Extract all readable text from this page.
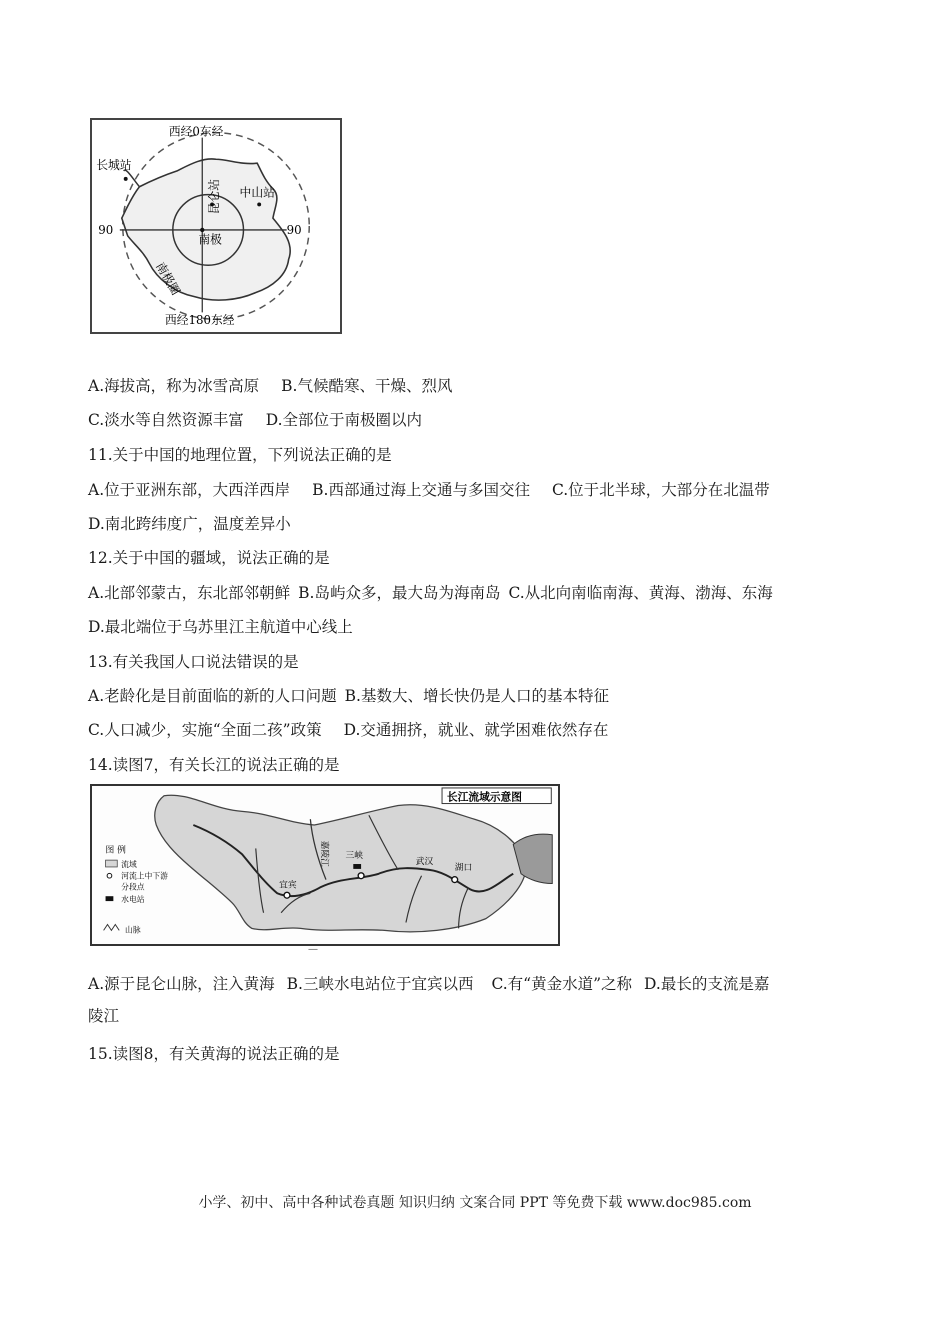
西经0东经
西经180东经
90	90
长城站
中山站
昆仑站
南极
南极圈
A.海拔高，称为冰雪高原 B.气候酷寒、干燥、烈风
C.淡水等自然资源丰富 D.全部位于南极圈以内
11.关于中国的地理位置，下列说法正确的是
A.位于亚洲东部，大西洋西岸 B.西部通过海上交通与多国交往 C.位于北半球，大部分在北温带
D.南北跨纬度广，温度差异小
12.关于中国的疆域，说法正确的是
A.北部邻蒙古，东北部邻朝鲜 B.岛屿众多，最大岛为海南岛 C.从北向南临南海、黄海、渤海、东海
D.最北端位于乌苏里江主航道中心线上
13.有关我国人口说法错误的是
A.老龄化是目前面临的新的人口问题 B.基数大、增长快仍是人口的基本特征
C.人口减少，实施“全面二孩”政策 D.交通拥挤，就业、就学困难依然存在
14.读图7，有关长江的说法正确的是
长江流域示意图
图 例
流域
河流上中下游
分段点
水电站
山脉
宜宾
嘉陵江 三峡
武汉
湖口
—
A.源于昆仑山脉，注入黄海 B.三峡水电站位于宜宾以西 C.有“黄金水道”之称 D.最长的支流是嘉
陵江
15.读图8，有关黄海的说法正确的是
小学、初中、高中各种试卷真题 知识归纳 文案合同 PPT 等免费下载 www.doc985.com
